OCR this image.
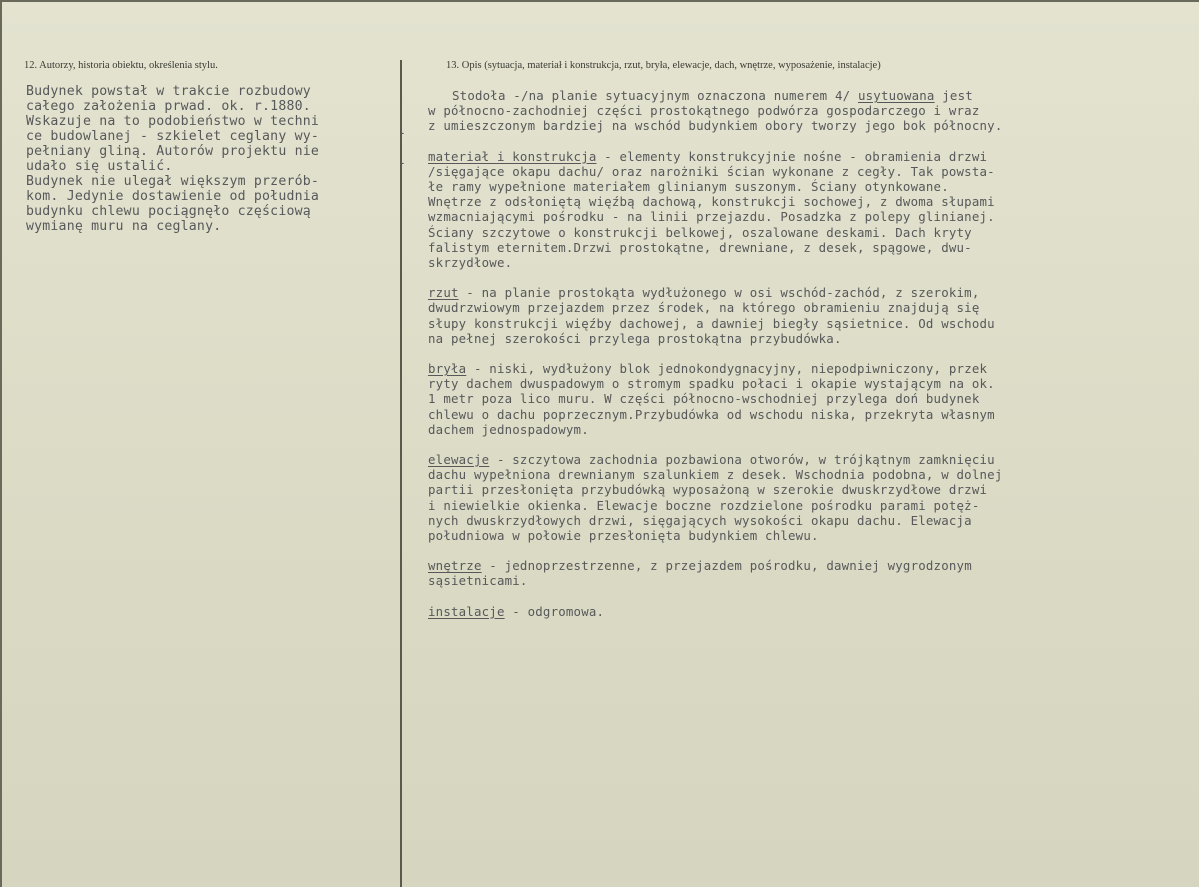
12. Autorzy, historia obiektu, określenia stylu.	13. Opis (sytuacja, materiał i konstrukcja, rzut, bryła, elewacje, dach, wnętrze, wyposażenie, instalacje)
‑
‑
Budynek powstał w trakcie rozbudowy
całego założenia prwad. ok. r.1880.
Wskazuje na to podobieństwo w techni
ce budowlanej - szkielet ceglany wy-
pełniany gliną. Autorów projektu nie
udało się ustalić.
Budynek nie ulegał większym przerób-
kom. Jedynie dostawienie od południa
budynku chlewu pociągnęło częściową
wymianę muru na ceglany.
Stodoła -/na planie sytuacyjnym oznaczona numerem 4/ usytuowana jest
w północno-zachodniej części prostokątnego podwórza gospodarczego i wraz
z umieszczonym bardziej na wschód budynkiem obory tworzy jego bok północny.
materiał i konstrukcja - elementy konstrukcyjnie nośne - obramienia drzwi
/sięgające okapu dachu/ oraz narożniki ścian wykonane z cegły. Tak powsta-
łe ramy wypełnione materiałem glinianym suszonym. Ściany otynkowane.
Wnętrze z odsłoniętą więźbą dachową, konstrukcji sochowej, z dwoma słupami
wzmacniającymi pośrodku - na linii przejazdu. Posadzka z polepy glinianej.
Ściany szczytowe o konstrukcji belkowej, oszalowane deskami. Dach kryty
falistym eternitem.Drzwi prostokątne, drewniane, z desek, spągowe, dwu-
skrzydłowe.
rzut - na planie prostokąta wydłużonego w osi wschód-zachód, z szerokim,
dwudrzwiowym przejazdem przez środek, na którego obramieniu znajdują się
słupy konstrukcji więźby dachowej, a dawniej biegły sąsietnice. Od wschodu
na pełnej szerokości przylega prostokątna przybudówka.
bryła - niski, wydłużony blok jednokondygnacyjny, niepodpiwniczony, przek
ryty dachem dwuspadowym o stromym spadku połaci i okapie wystającym na ok.
1 metr poza lico muru. W części północno-wschodniej przylega doń budynek
chlewu o dachu poprzecznym.Przybudówka od wschodu niska, przekryta własnym
dachem jednospadowym.
elewacje - szczytowa zachodnia pozbawiona otworów, w trójkątnym zamknięciu
dachu wypełniona drewnianym szalunkiem z desek. Wschodnia podobna, w dolnej
partii przesłonięta przybudówką wyposażoną w szerokie dwuskrzydłowe drzwi
i niewielkie okienka. Elewacje boczne rozdzielone pośrodku parami potęż-
nych dwuskrzydłowych drzwi, sięgających wysokości okapu dachu. Elewacja
południowa w połowie przesłonięta budynkiem chlewu.
wnętrze - jednoprzestrzenne, z przejazdem pośrodku, dawniej wygrodzonym
sąsietnicami.
instalacje - odgromowa.
